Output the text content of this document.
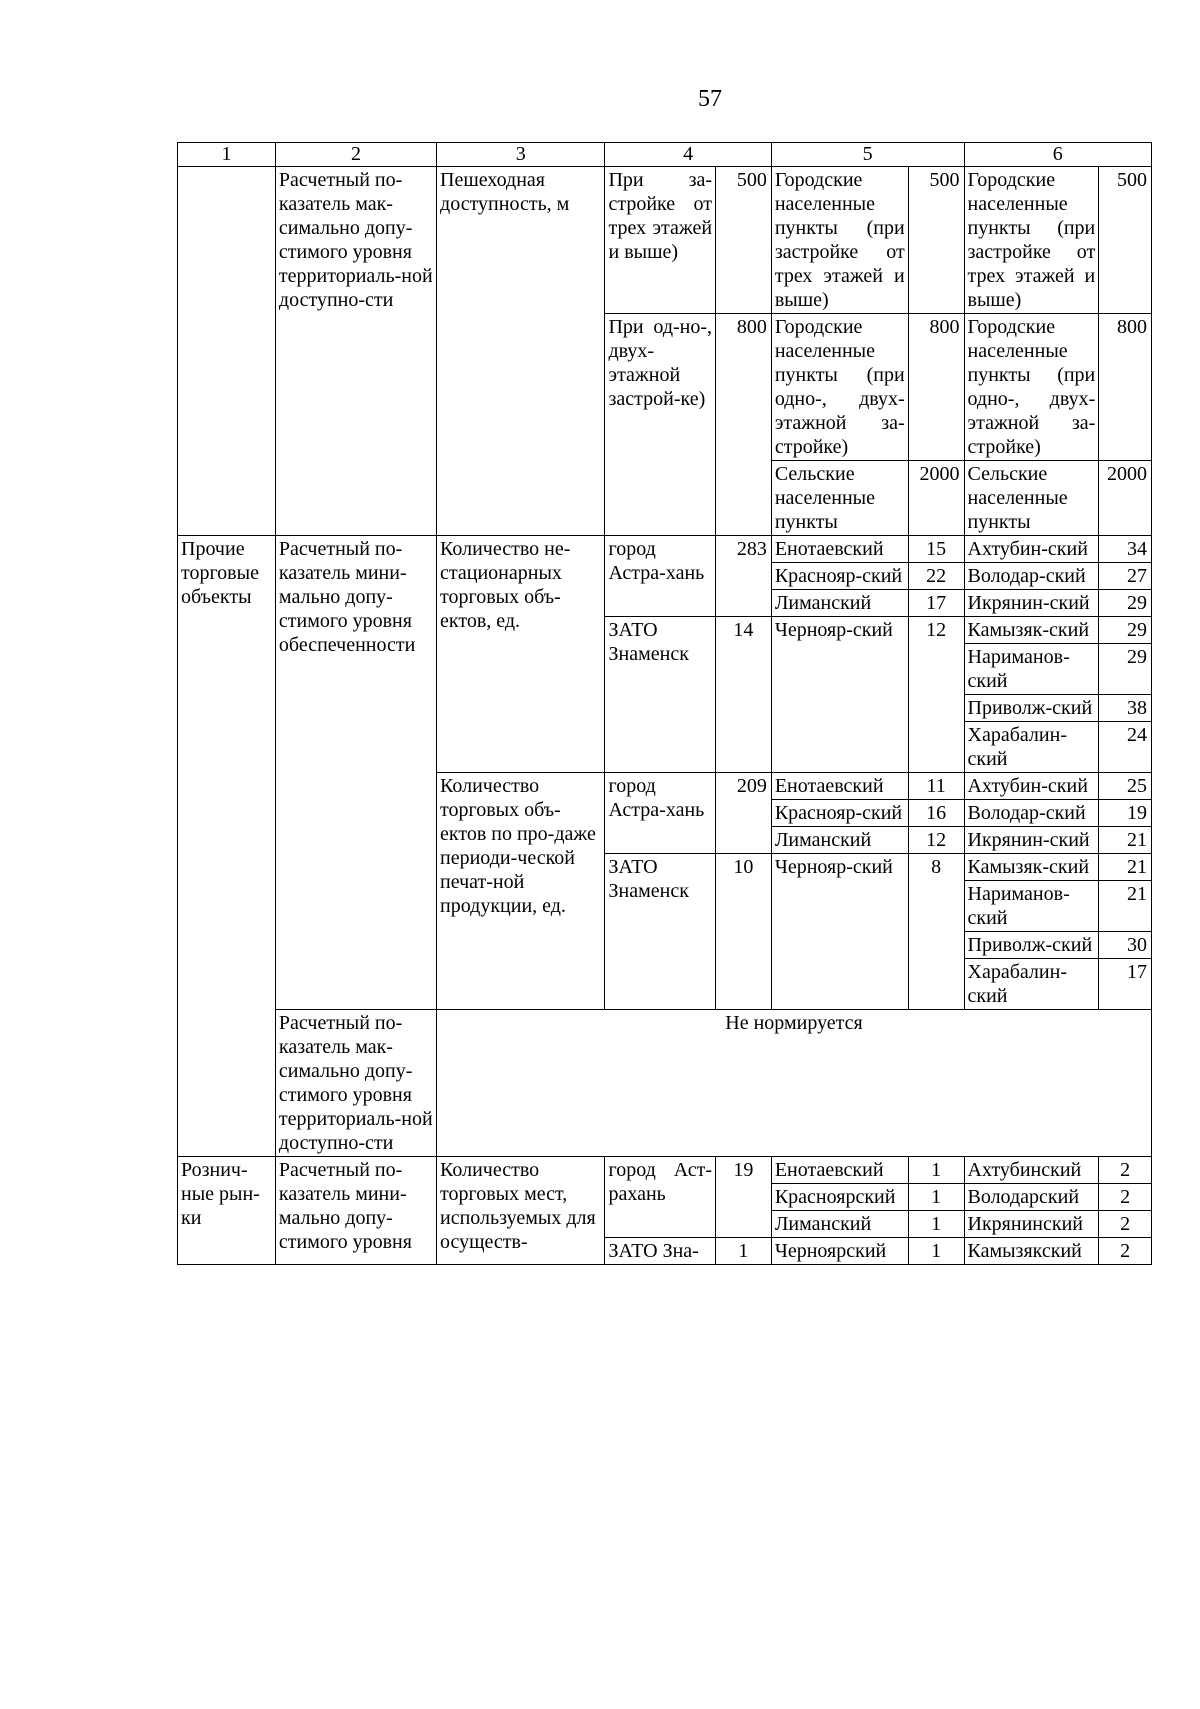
57
1	2	3	4		5		6	
	Расчетный по-казатель мак-симально допу-стимого уровня территориаль-ной доступно-сти	Пешеходная доступность, м	При за-стройке от трех этажей и выше)	500	Городские населенные пункты (при застройке от трех этажей и выше)	500	Городские населенные пункты (при застройке от трех этажей и выше)	500
			При од-но-, двух-этажной застрой-ке)	800	Городские населенные пункты (при одно-, двух-этажной за-стройке)	800	Городские населенные пункты (при одно-, двух-этажной за-стройке)	800
					Сельские населенные пункты	2000	Сельские населенные пункты	2000
Прочие торговые объекты	Расчетный по-казатель мини-мально допу-стимого уровня обеспеченности	Количество не-стационарных торговых объ-ектов, ед.	город Астра-хань	283	Енотаевский	15	Ахтубин-ский	34
					Краснояр-ский	22	Володар-ский	27
					Лиманский	17	Икрянин-ский	29
			ЗАТО Знаменск	14	Чернояр-ский	12	Камызяк-ский	29
							Нариманов-ский	29
							Приволж-ский	38
							Харабалин-ский	24
		Количество торговых объ-ектов по про-даже периоди-ческой печат-ной продукции, ед.	город Астра-хань	209	Енотаевский	11	Ахтубин-ский	25
					Краснояр-ский	16	Володар-ский	19
					Лиманский	12	Икрянин-ский	21
			ЗАТО Знаменск	10	Чернояр-ский	8	Камызяк-ский	21
							Нариманов-ский	21
							Приволж-ский	30
							Харабалин-ский	17
	Расчетный по-казатель мак-симально допу-стимого уровня территориаль-ной доступно-сти	Не нормируется						
Рознич-ные рын-ки	Расчетный по-казатель мини-мально допу-стимого уровня	Количество торговых мест, используемых для осуществ-	город Аст-рахань	19	Енотаевский	1	Ахтубинский	2
					Красноярский	1	Володарский	2
					Лиманский	1	Икрянинский	2
			ЗАТО Зна-	1	Черноярский	1	Камызякский	2
